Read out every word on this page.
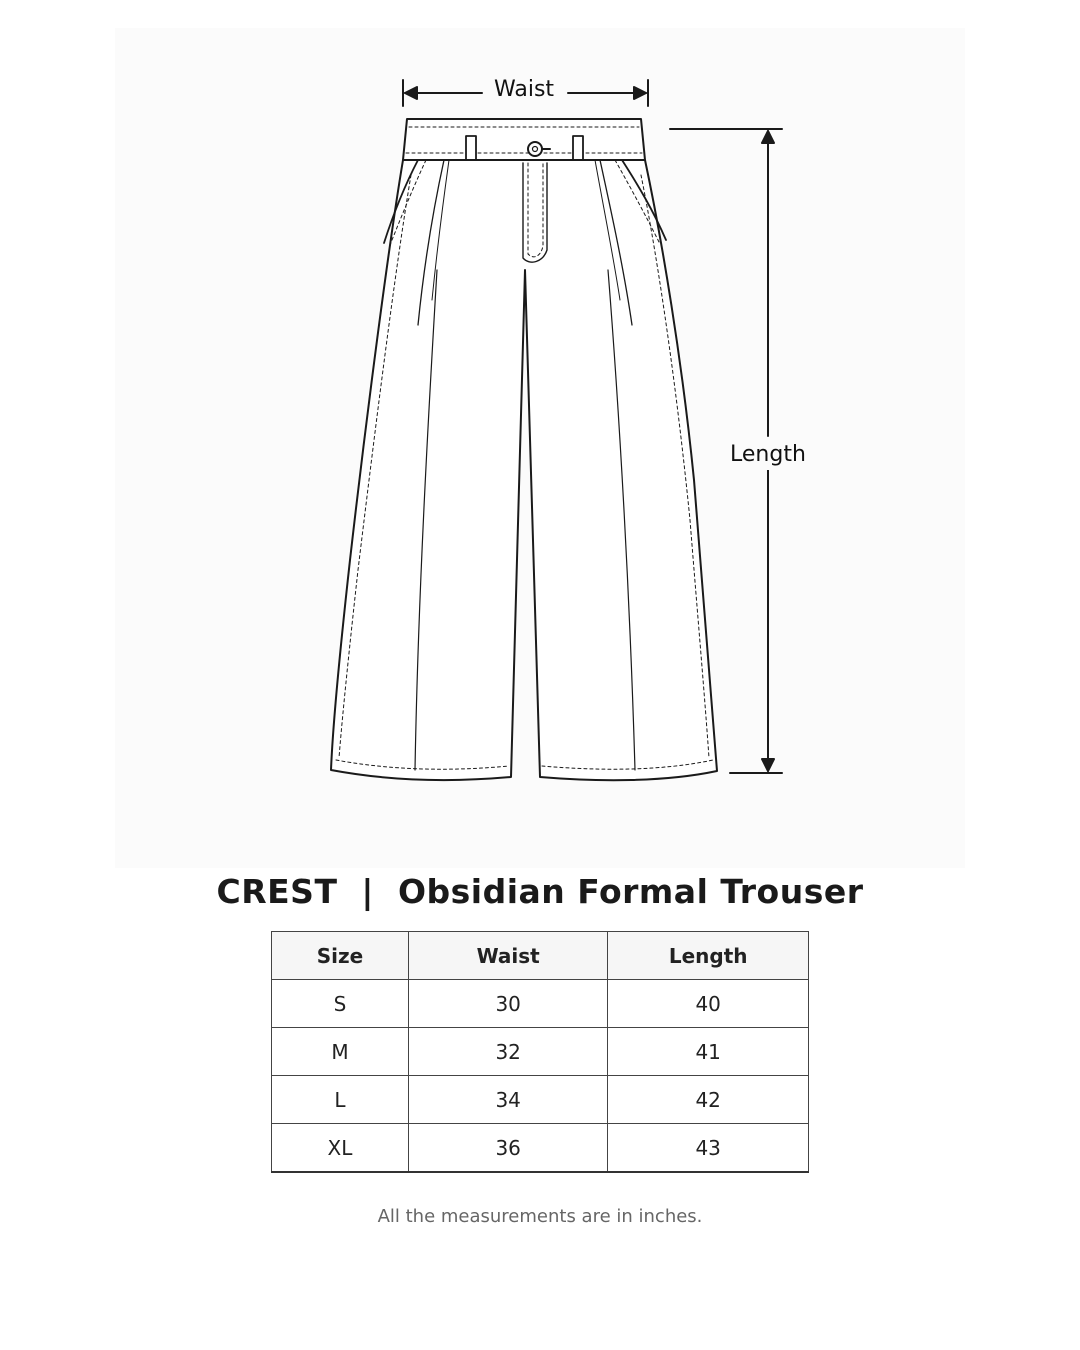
Waist
Length
CREST  |  Obsidian Formal Trouser
Size	Waist	Length
S	30	40
M	32	41
L	34	42
XL	36	43
All the measurements are in inches.
